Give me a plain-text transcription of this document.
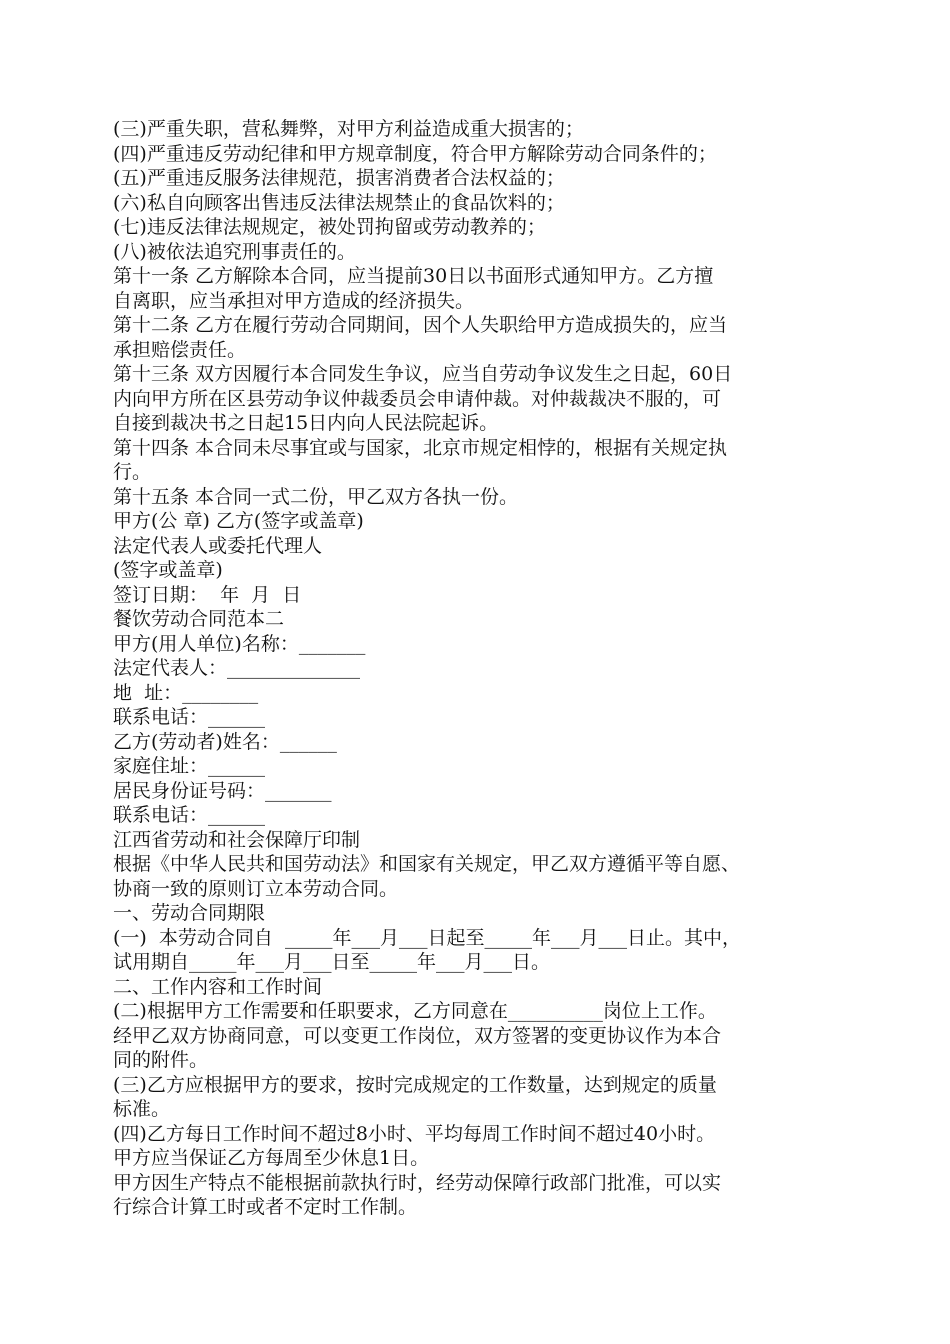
(三)严重失职，营私舞弊，对甲方利益造成重大损害的；

(四)严重违反劳动纪律和甲方规章制度，符合甲方解除劳动合同条件的；

(五)严重违反服务法律规范，损害消费者合法权益的；

(六)私自向顾客出售违反法律法规禁止的食品饮料的；

(七)违反法律法规规定，被处罚拘留或劳动教养的；

(八)被依法追究刑事责任的。

第十一条 乙方解除本合同，应当提前30日以书面形式通知甲方。乙方擅

自离职，应当承担对甲方造成的经济损失。

第十二条 乙方在履行劳动合同期间，因个人失职给甲方造成损失的，应当

承担赔偿责任。

第十三条 双方因履行本合同发生争议，应当自劳动争议发生之日起，60日

内向甲方所在区县劳动争议仲裁委员会申请仲裁。对仲裁裁决不服的，可

自接到裁决书之日起15日内向人民法院起诉。

第十四条 本合同未尽事宜或与国家，北京市规定相悖的，根据有关规定执

行。

第十五条 本合同一式二份，甲乙双方各执一份。

甲方(公 章) 乙方(签字或盖章)

法定代表人或委托代理人

(签字或盖章)

签订日期：  年  月  日

餐饮劳动合同范本二

甲方(用人单位)名称：_______

法定代表人：______________

地  址：________

联系电话：______

乙方(劳动者)姓名：______

家庭住址：______

居民身份证号码：_______

联系电话：______

江西省劳动和社会保障厅印制

根据《中华人民共和国劳动法》和国家有关规定，甲乙双方遵循平等自愿、

协商一致的原则订立本劳动合同。

一、劳动合同期限

(一)  本劳动合同自  _____年___月___日起至_____年___月___日止。其中，

试用期自_____年___月___日至_____年___月___日。

二、工作内容和工作时间

(二)根据甲方工作需要和任职要求，乙方同意在__________岗位上工作。

经甲乙双方协商同意，可以变更工作岗位，双方签署的变更协议作为本合

同的附件。

(三)乙方应根据甲方的要求，按时完成规定的工作数量，达到规定的质量

标准。

(四)乙方每日工作时间不超过8小时、平均每周工作时间不超过40小时。

甲方应当保证乙方每周至少休息1日。

甲方因生产特点不能根据前款执行时，经劳动保障行政部门批准，可以实

行综合计算工时或者不定时工作制。
